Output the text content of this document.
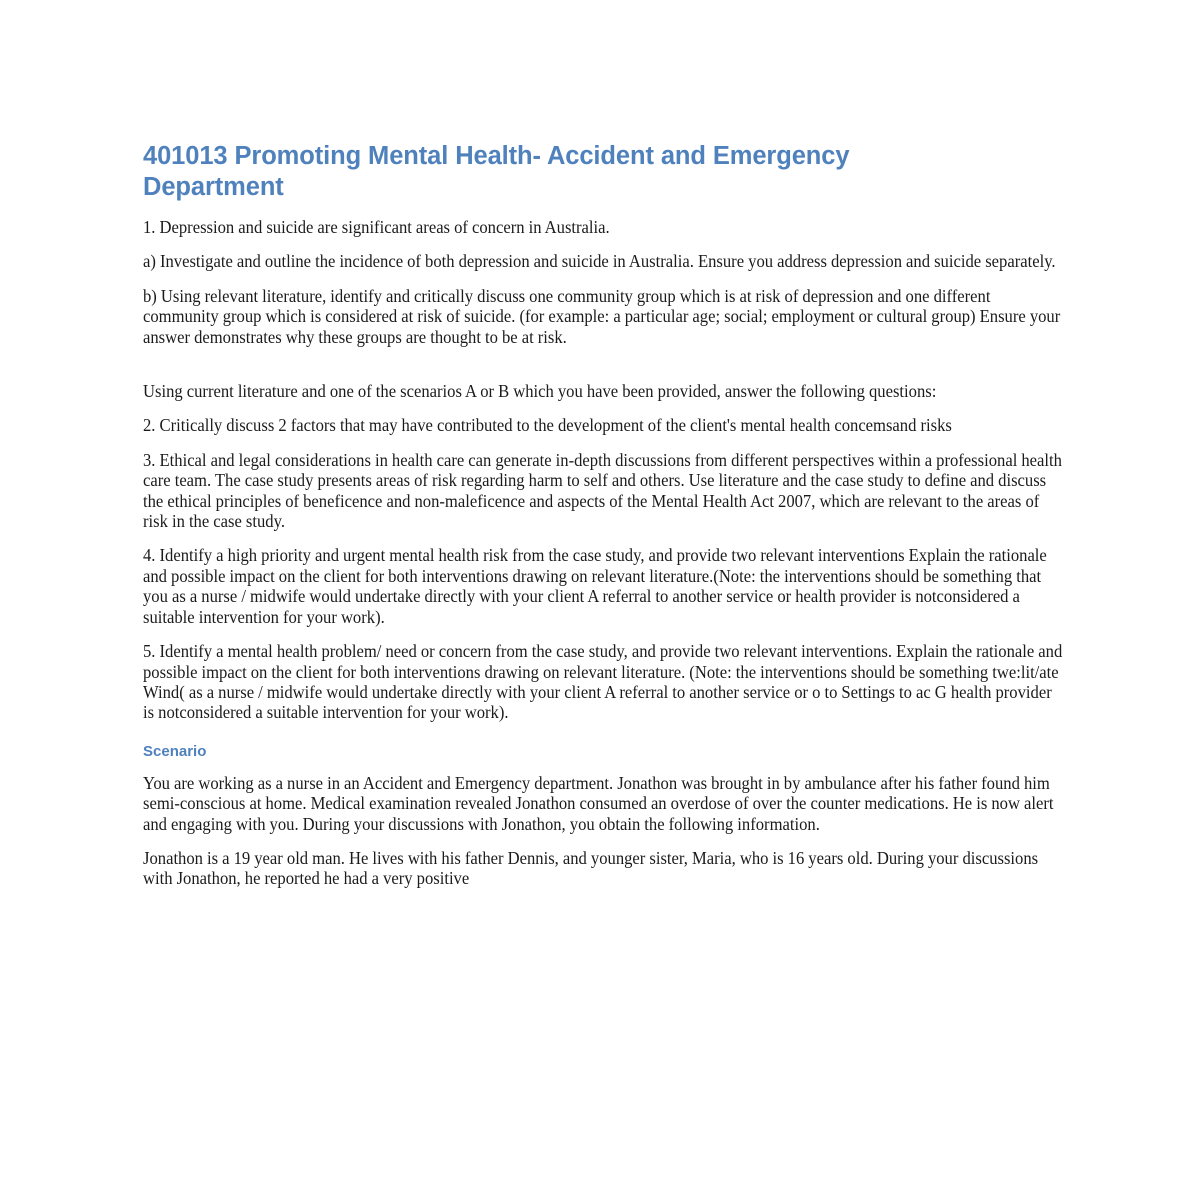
401013 Promoting Mental Health- Accident and Emergency Department

1. Depression and suicide are significant areas of concern in Australia.

a) Investigate and outline the incidence of both depression and suicide in Australia. Ensure you address depression and suicide separately.

b) Using relevant literature, identify and critically discuss one community group which is at risk of depression and one different community group which is considered at risk of suicide. (for example: a particular age; social; employment or cultural group) Ensure your answer demonstrates why these groups are thought to be at risk.

Using current literature and one of the scenarios A or B which you have been provided, answer the following questions:

2. Critically discuss 2 factors that may have contributed to the development of the client's mental health concemsand risks

3. Ethical and legal considerations in health care can generate in-depth discussions from different perspectives within a professional health care team. The case study presents areas of risk regarding harm to self and others. Use literature and the case study to define and discuss the ethical principles of beneficence and non-maleficence and aspects of the Mental Health Act 2007, which are relevant to the areas of risk in the case study.

4. Identify a high priority and urgent mental health risk from the case study, and provide two relevant interventions Explain the rationale and possible impact on the client for both interventions drawing on relevant literature.(Note: the interventions should be something that you as a nurse / midwife would undertake directly with your client A referral to another service or health provider is notconsidered a suitable intervention for your work).

5. Identify a mental health problem/ need or concern from the case study, and provide two relevant interventions. Explain the rationale and possible impact on the client for both interventions drawing on relevant literature. (Note: the interventions should be something twe:lit/ate Wind( as a nurse / midwife would undertake directly with your client A referral to another service or o to Settings to ac G health provider is notconsidered a suitable intervention for your work).

Scenario

You are working as a nurse in an Accident and Emergency department. Jonathon was brought in by ambulance after his father found him semi-conscious at home. Medical examination revealed Jonathon consumed an overdose of over the counter medications. He is now alert and engaging with you. During your discussions with Jonathon, you obtain the following information.

Jonathon is a 19 year old man. He lives with his father Dennis, and younger sister, Maria, who is 16 years old. During your discussions with Jonathon, he reported he had a very positive
